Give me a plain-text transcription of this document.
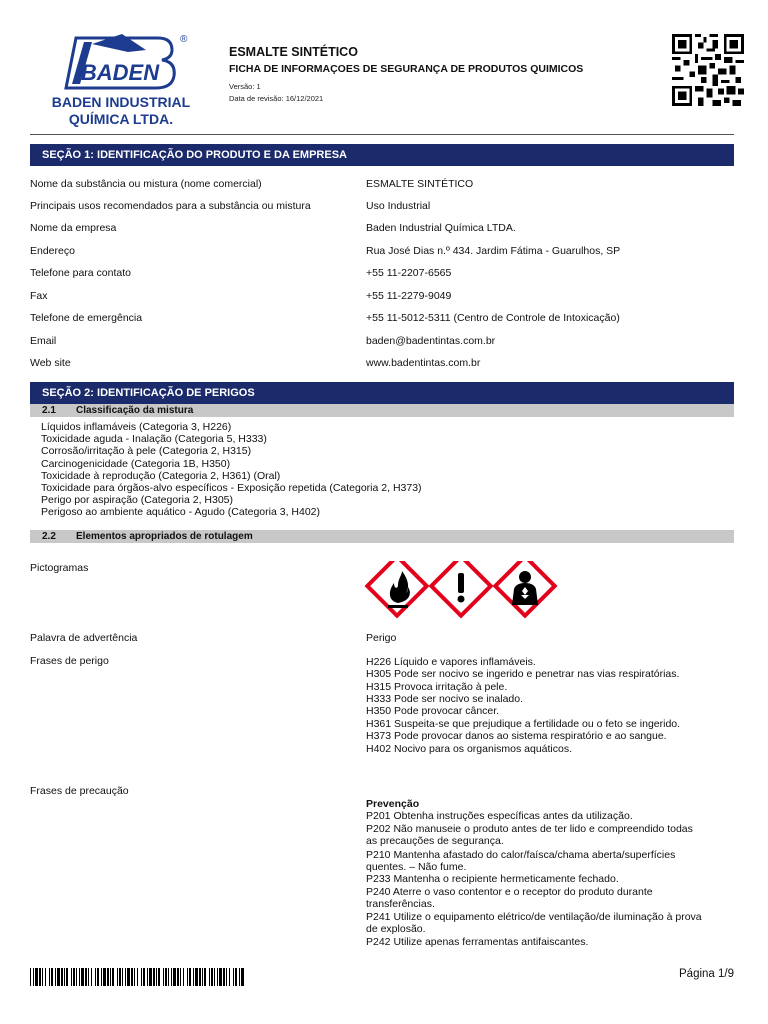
BADEN
®
BADEN INDUSTRIAL
QUÍMICA LTDA.
ESMALTE SINTÉTICO
FICHA DE INFORMAÇOES DE SEGURANÇA DE PRODUTOS QUIMICOS
Versão: 1
Data de revisão: 16/12/2021
SEÇÃO 1: IDENTIFICAÇÃO DO PRODUTO E DA EMPRESA
Nome da substância ou mistura (nome comercial)	ESMALTE SINTÉTICO
Principais usos recomendados para a substância ou mistura	Uso Industrial
Nome da empresa	Baden Industrial Química LTDA.
Endereço	Rua José Dias n.º 434. Jardim Fátima - Guarulhos, SP
Telefone para contato	+55 11-2207-6565
Fax	+55 11-2279-9049
Telefone de emergência	+55 11-5012-5311 (Centro de Controle de Intoxicação)
Email	baden@badentintas.com.br
Web site	www.badentintas.com.br
SEÇÃO 2: IDENTIFICAÇÃO DE PERIGOS
2.1 Classificação da mistura
Líquidos inflamáveis (Categoria 3, H226)
Toxicidade aguda - Inalação (Categoria 5, H333)
Corrosão/irritação à pele (Categoria 2, H315)
Carcinogenicidade (Categoria 1B, H350)
Toxicidade à reprodução (Categoria 2, H361) (Oral)
Toxicidade para órgãos-alvo específicos - Exposição repetida (Categoria 2, H373)
Perigo por aspiração (Categoria 2, H305)
Perigoso ao ambiente aquático - Agudo (Categoria 3, H402)
2.2 Elementos apropriados de rotulagem
Pictogramas
Palavra de advertência	Perigo
Frases de perigo	H226 Líquido e vapores inflamáveis.
H305 Pode ser nocivo se ingerido e penetrar nas vias respiratórias.
H315 Provoca irritação à pele.
H333 Pode ser nocivo se inalado.
H350 Pode provocar câncer.
H361 Suspeita-se que prejudique a fertilidade ou o feto se ingerido.
H373 Pode provocar danos ao sistema respiratório e ao sangue.
H402 Nocivo para os organismos aquáticos.
Frases de precaução
Prevenção
P201 Obtenha instruções específicas antes da utilização.
P202 Não manuseie o produto antes de ter lido e compreendido todas
as precauções de segurança.
P210 Mantenha afastado do calor/faísca/chama aberta/superfícies
quentes. – Não fume.
P233 Mantenha o recipiente hermeticamente fechado.
P240 Aterre o vaso contentor e o receptor do produto durante
transferências.
P241 Utilize o equipamento elétrico/de ventilação/de iluminação à prova
de explosão.
P242 Utilize apenas ferramentas antifaiscantes.
Página 1/9
